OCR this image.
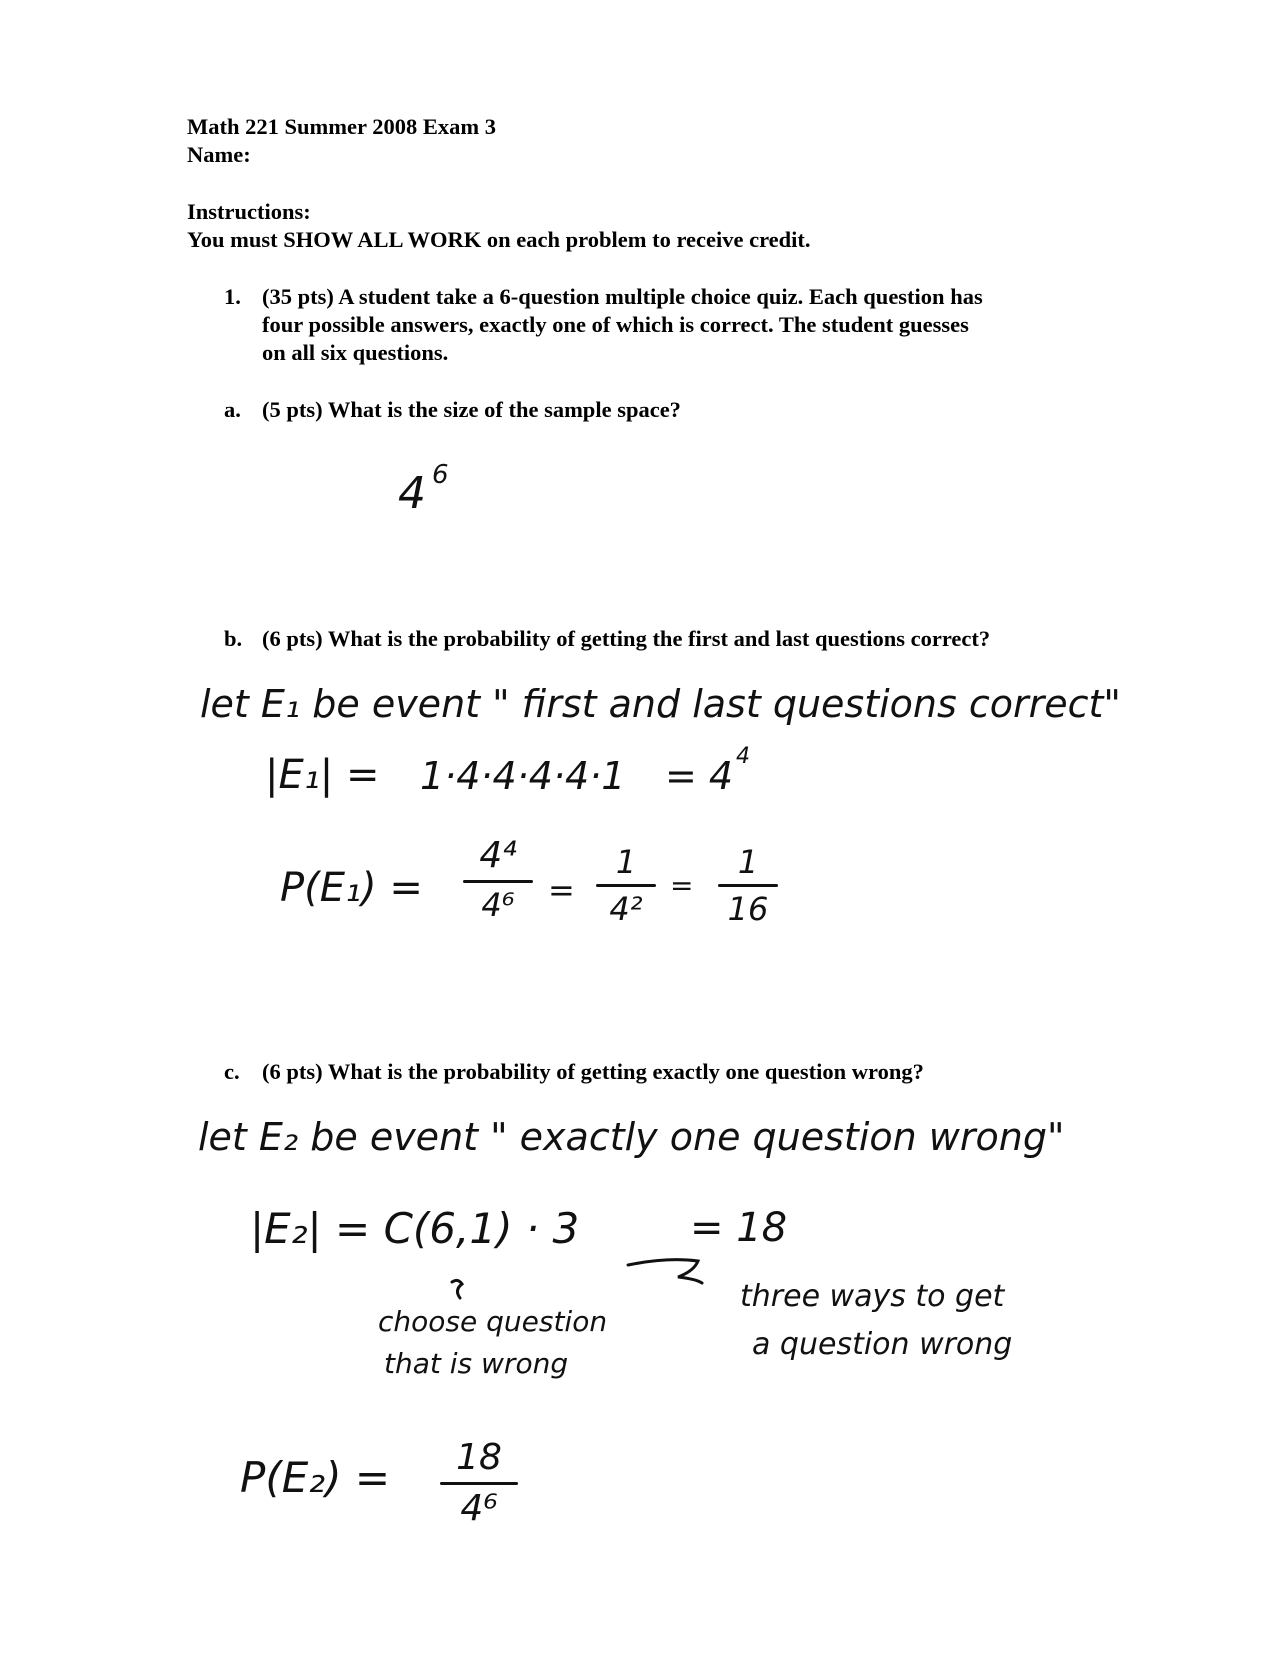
Math 221 Summer 2008 Exam 3
Name:
Instructions:
You must SHOW ALL WORK on each problem to receive credit.
1. (35 pts) A student take a 6-question multiple choice quiz. Each question has
four possible answers, exactly one of which is correct. The student guesses
on all six questions.
a. (5 pts) What is the size of the sample space?
4 6
b. (6 pts) What is the probability of getting the first and last questions correct?
let E₁ be event " first and last questions correct"
|E₁| = 1·4·4·4·4·1 = 4 4
P(E₁) =
4⁴
4⁶	=
1
4²
=
1
16
c. (6 pts) What is the probability of getting exactly one question wrong?
let E₂ be event " exactly one question wrong"
|E₂| = C(6,1) · 3	= 18
choose question
that is wrong
three ways to get
a question wrong
P(E₂) =	18
4⁶
